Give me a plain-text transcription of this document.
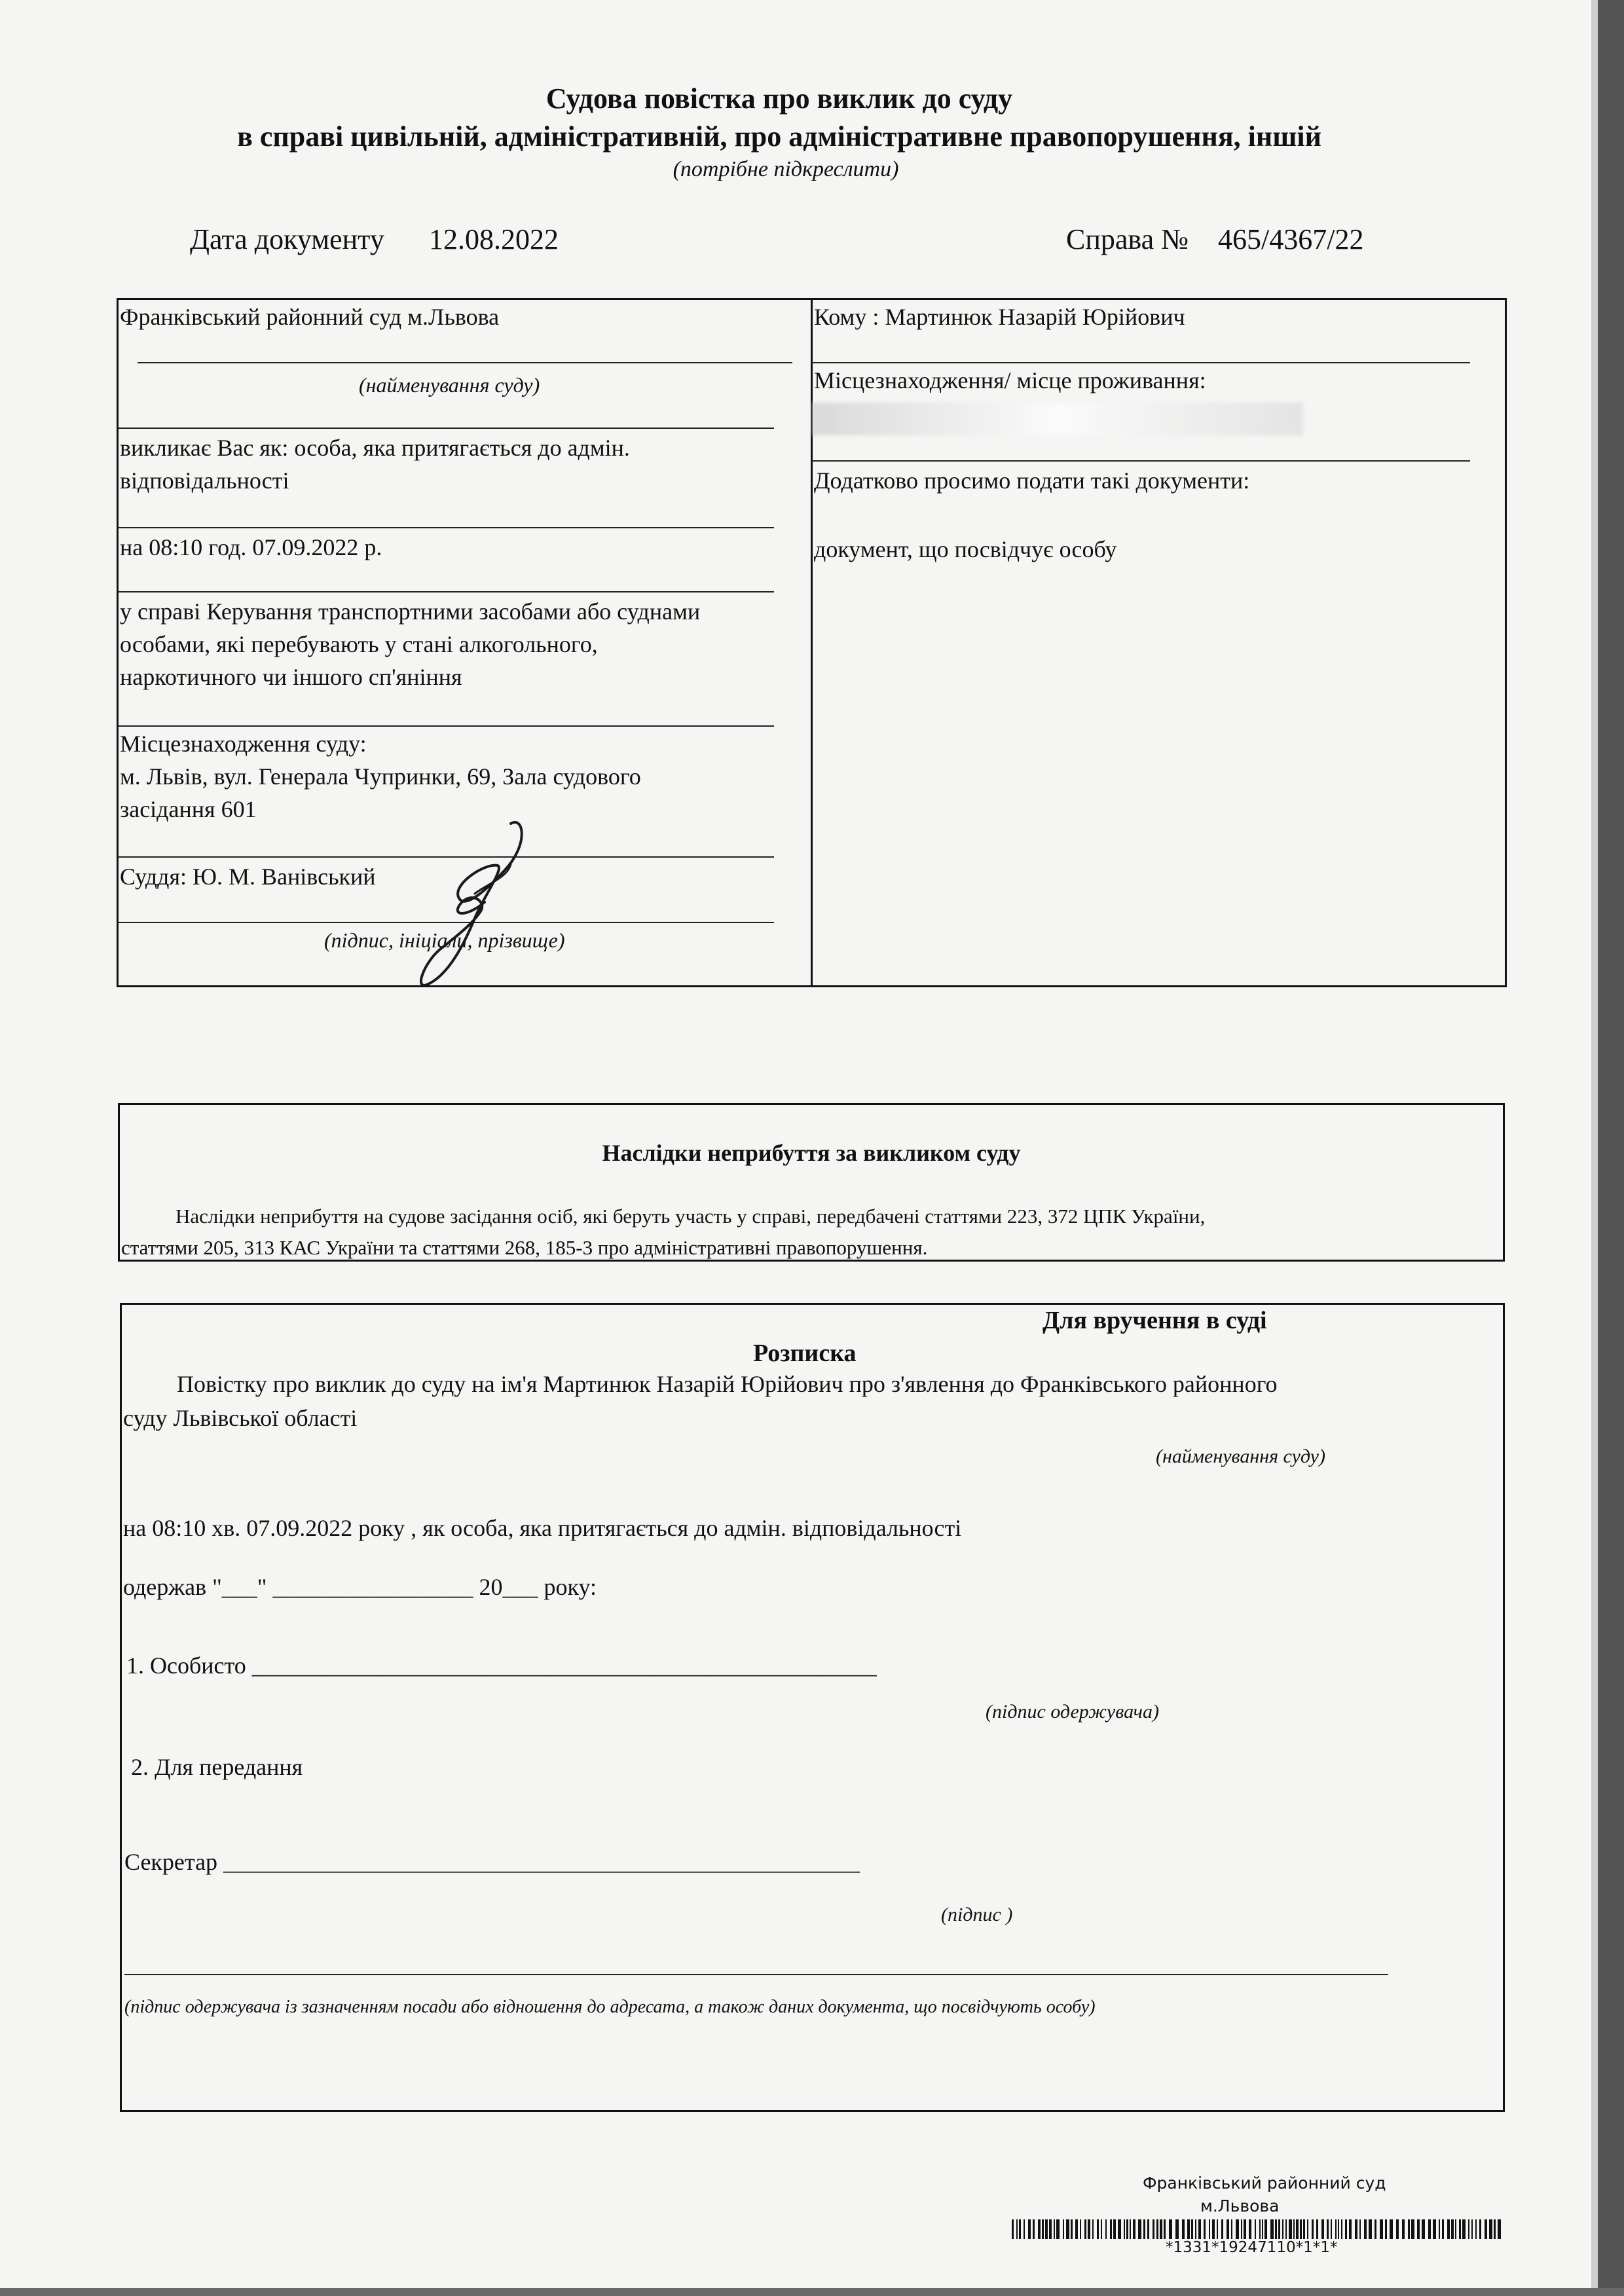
Судова повістка про виклик до суду
в справі цивільній, адміністративній, про адміністративне правопорушення, іншій
(потрібне підкреслити)
Дата документу 12.08.2022	Справа № 465/4367/22
Франківський районний суд м.Львова
(найменування суду)
викликає Вас як: особа, яка притягається до адмін.
відповідальності
на 08:10 год. 07.09.2022 р.
у справі Керування транспортними засобами або суднами
особами, які перебувають у стані алкогольного,
наркотичного чи іншого сп'яніння
Місцезнаходження суду:
м. Львів, вул. Генерала Чупринки, 69, Зала судового
засідання 601
Суддя: Ю. М. Ванівський
(підпис, ініціали, прізвище)
Кому : Мартинюк Назарій Юрійович
Місцезнаходження/ місце проживання:
Додатково просимо подати такі документи:
документ, що посвідчує особу
Наслідки неприбуття за викликом суду
Наслідки неприбуття на судове засідання осіб, які беруть участь у справі, передбачені статтями 223, 372 ЦПК України,
статтями 205, 313 КАС України та статтями 268, 185-3 про адміністративні правопорушення.
Для вручення в суді
Розписка
Повістку про виклик до суду на ім'я Мартинюк Назарій Юрійович про з'явлення до Франківського районного
суду Львівської області
(найменування суду)
на 08:10 хв. 07.09.2022 року , як особа, яка притягається до адмін. відповідальності
одержав "___" _________________ 20___ року:
1. Особисто _____________________________________________________
(підпис одержувача)
2. Для передання
Секретар ______________________________________________________
(підпис )
(підпис одержувача із зазначенням посади або відношення до адресата, а також даних документа, що посвідчують особу)
Франківський районний суд
м.Львова
*1331*19247110*1*1*
